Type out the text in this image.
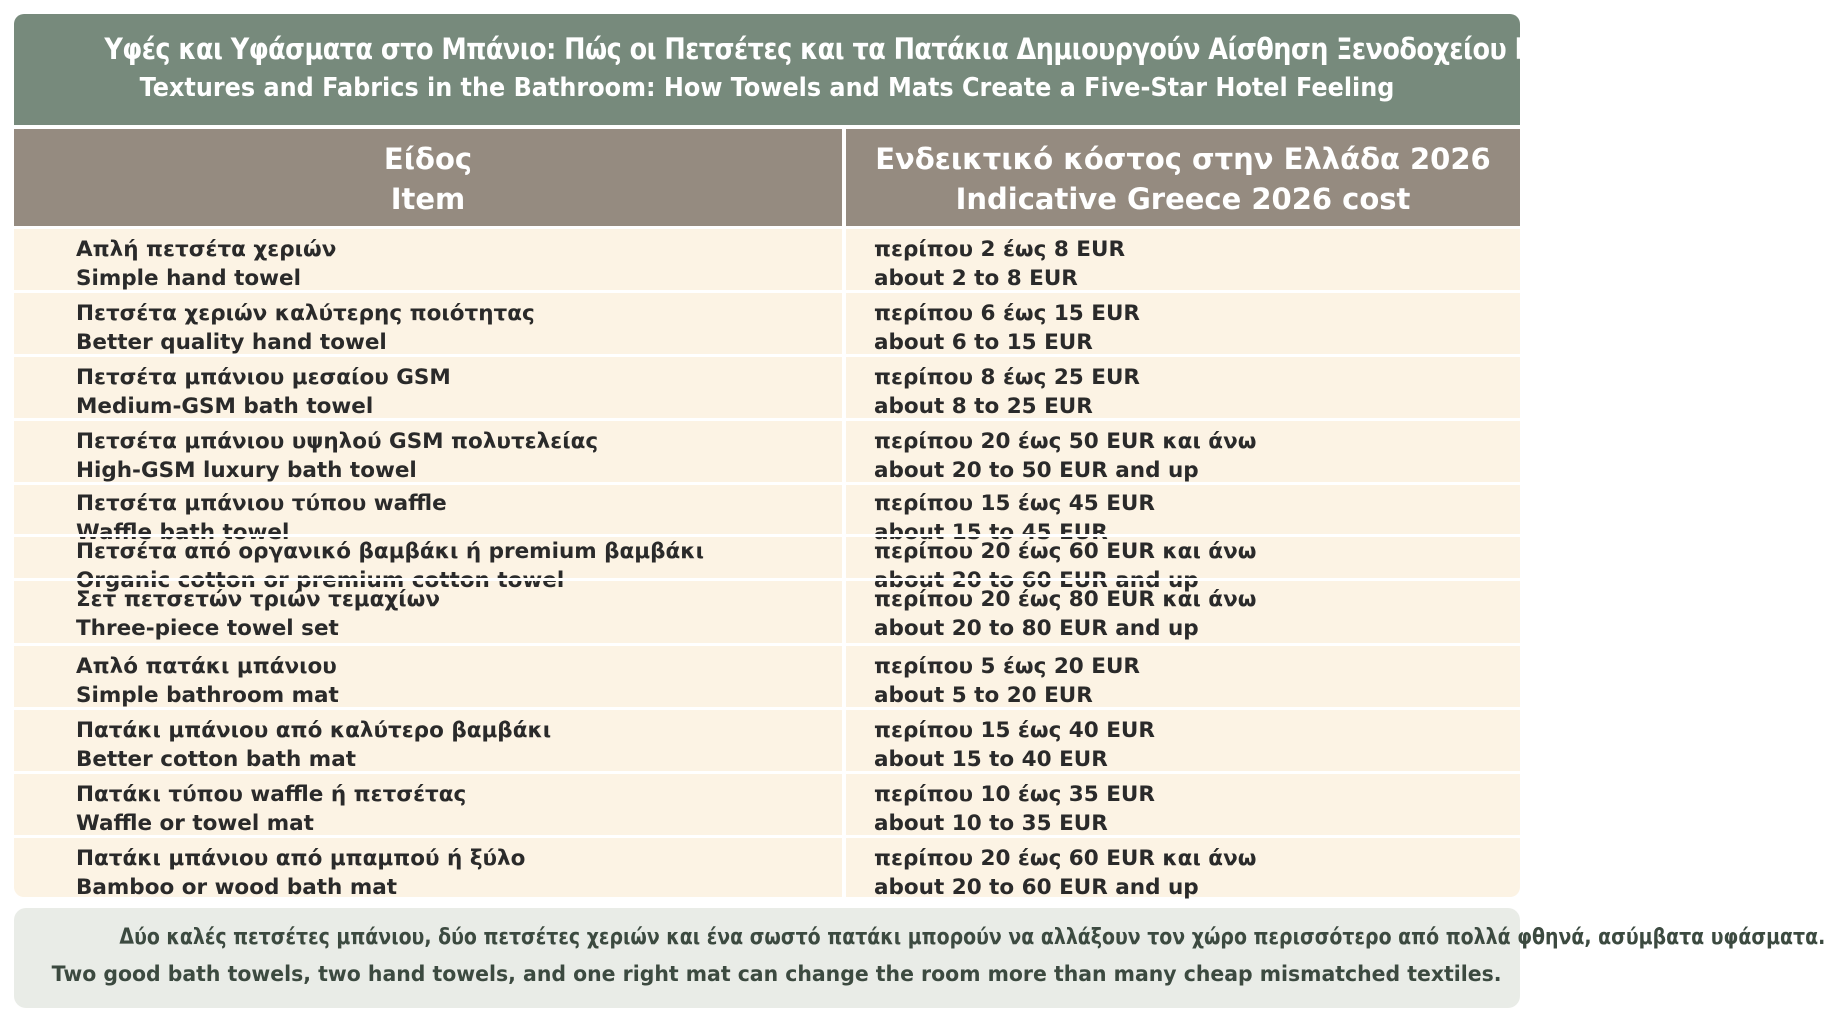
Υφές και Υφάσματα στο Μπάνιο: Πώς οι Πετσέτες και τα Πατάκια Δημιουργούν Αίσθηση Ξενοδοχείου Πέντε Αστέρων
Textures and Fabrics in the Bathroom: How Towels and Mats Create a Five-Star Hotel Feeling
Είδος
Item
Ενδεικτικό κόστος στην Ελλάδα 2026
Indicative Greece 2026 cost
Απλή πετσέτα χεριών
Simple hand towel
περίπου 2 έως 8 EUR
about 2 to 8 EUR
Πετσέτα χεριών καλύτερης ποιότητας
Better quality hand towel
περίπου 6 έως 15 EUR
about 6 to 15 EUR
Πετσέτα μπάνιου μεσαίου GSM
Medium-GSM bath towel
περίπου 8 έως 25 EUR
about 8 to 25 EUR
Πετσέτα μπάνιου υψηλού GSM πολυτελείας
High-GSM luxury bath towel
περίπου 20 έως 50 EUR και άνω
about 20 to 50 EUR and up
Πετσέτα μπάνιου τύπου waffle
Waffle bath towel
περίπου 15 έως 45 EUR
about 15 to 45 EUR
Πετσέτα από οργανικό βαμβάκι ή premium βαμβάκι
Organic cotton or premium cotton towel
περίπου 20 έως 60 EUR και άνω
about 20 to 60 EUR and up
Σετ πετσετών τριών τεμαχίων
Three-piece towel set
περίπου 20 έως 80 EUR και άνω
about 20 to 80 EUR and up
Απλό πατάκι μπάνιου
Simple bathroom mat
περίπου 5 έως 20 EUR
about 5 to 20 EUR
Πατάκι μπάνιου από καλύτερο βαμβάκι
Better cotton bath mat
περίπου 15 έως 40 EUR
about 15 to 40 EUR
Πατάκι τύπου waffle ή πετσέτας
Waffle or towel mat
περίπου 10 έως 35 EUR
about 10 to 35 EUR
Πατάκι μπάνιου από μπαμπού ή ξύλο
Bamboo or wood bath mat
περίπου 20 έως 60 EUR και άνω
about 20 to 60 EUR and up
Δύο καλές πετσέτες μπάνιου, δύο πετσέτες χεριών και ένα σωστό πατάκι μπορούν να αλλάξουν τον χώρο περισσότερο από πολλά φθηνά, ασύμβατα υφάσματα.
Two good bath towels, two hand towels, and one right mat can change the room more than many cheap mismatched textiles.
